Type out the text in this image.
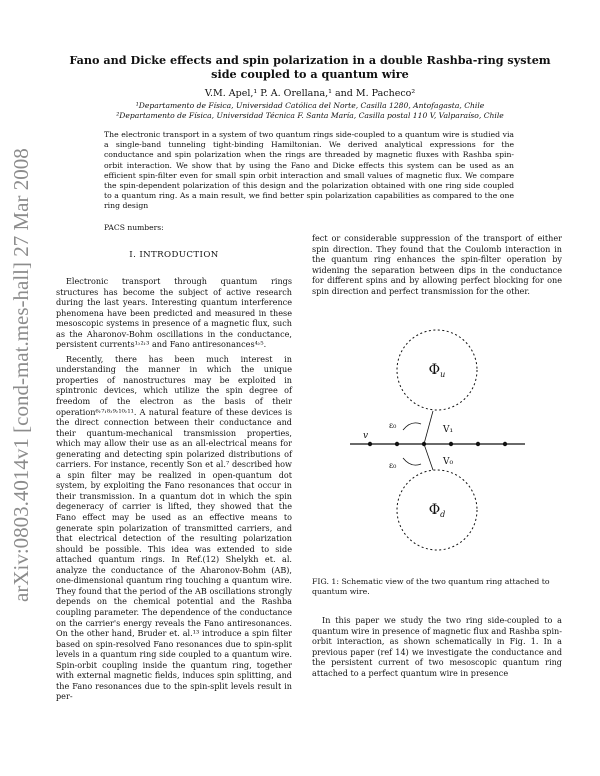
arXiv:0803.4014v1 [cond-mat.mes-hall] 27 Mar 2008
Fano and Dicke effects and spin polarization in a double Rashba-ring system side coupled to a quantum wire
V.M. Apel,¹ P. A. Orellana,¹ and M. Pacheco²
¹Departamento de Física, Universidad Católica del Norte, Casilla 1280, Antofagasta, Chile
²Departamento de Física, Universidad Técnica F. Santa María, Casilla postal 110 V, Valparaíso, Chile
The electronic transport in a system of two quantum rings side-coupled to a quantum wire is studied via a single-band tunneling tight-binding Hamiltonian. We derived analytical expressions for the conductance and spin polarization when the rings are threaded by magnetic fluxes with Rashba spin-orbit interaction. We show that by using the Fano and Dicke effects this system can be used as an efficient spin-filter even for small spin orbit interaction and small values of magnetic flux. We compare the spin-dependent polarization of this design and the polarization obtained with one ring side coupled to a quantum ring. As a main result, we find better spin polarization capabilities as compared to the one ring design
PACS numbers:
I. INTRODUCTION

Electronic transport through quantum rings structures has become the subject of active research during the last years. Interesting quantum interference phenomena have been predicted and measured in these mesoscopic systems in presence of a magnetic flux, such as the Aharonov-Bohm oscillations in the conductance, persistent currents¹˒²˒³ and Fano antiresonances⁴˒⁵.

Recently, there has been much interest in understanding the manner in which the unique properties of nanostructures may be exploited in spintronic devices, which utilize the spin degree of freedom of the electron as the basis of their operation⁶˒⁷˒⁸˒⁹˒¹⁰˒¹¹. A natural feature of these devices is the direct connection between their conductance and their quantum-mechanical transmission properties, which may allow their use as an all-electrical means for generating and detecting spin polarized distributions of carriers. For instance, recently Son et al.⁷ described how a spin filter may be realized in open-quantum dot system, by exploiting the Fano resonances that occur in their transmission. In a quantum dot in which the spin degeneracy of carrier is lifted, they showed that the Fano effect may be used as an effective means to generate spin polarization of transmitted carriers, and that electrical detection of the resulting polarization should be possible. This idea was extended to side attached quantum rings. In Ref.(12) Shelykh et. al. analyze the conductance of the Aharonov-Bohm (AB), one-dimensional quantum ring touching a quantum wire. They found that the period of the AB oscillations strongly depends on the chemical potential and the Rashba coupling parameter. The dependence of the conductance on the carrier's energy reveals the Fano antiresonances. On the other hand, Bruder et. al.¹³ introduce a spin filter based on spin-resolved Fano resonances due to spin-split levels in a quantum ring side coupled to a quantum wire. Spin-orbit coupling inside the quantum ring, together with external magnetic fields, induces spin splitting, and the Fano resonances due to the spin-split levels result in per-

fect or considerable suppression of the transport of either spin direction. They found that the Coulomb interaction in the quantum ring enhances the spin-filter operation by widening the separation between dips in the conductance for different spins and by allowing perfect blocking for one spin direction and perfect transmission for the other.

$\Phi_u$
$\Phi_d$
v
V₁
V₀
ε₀
ε₀
FIG. 1: Schematic view of the two quantum ring attached to quantum wire.

In this paper we study the two ring side-coupled to a quantum wire in presence of magnetic flux and Rashba spin-orbit interaction, as shown schematically in Fig. 1. In a previous paper (ref 14) we investigate the conductance and the persistent current of two mesoscopic quantum ring attached to a perfect quantum wire in presence
